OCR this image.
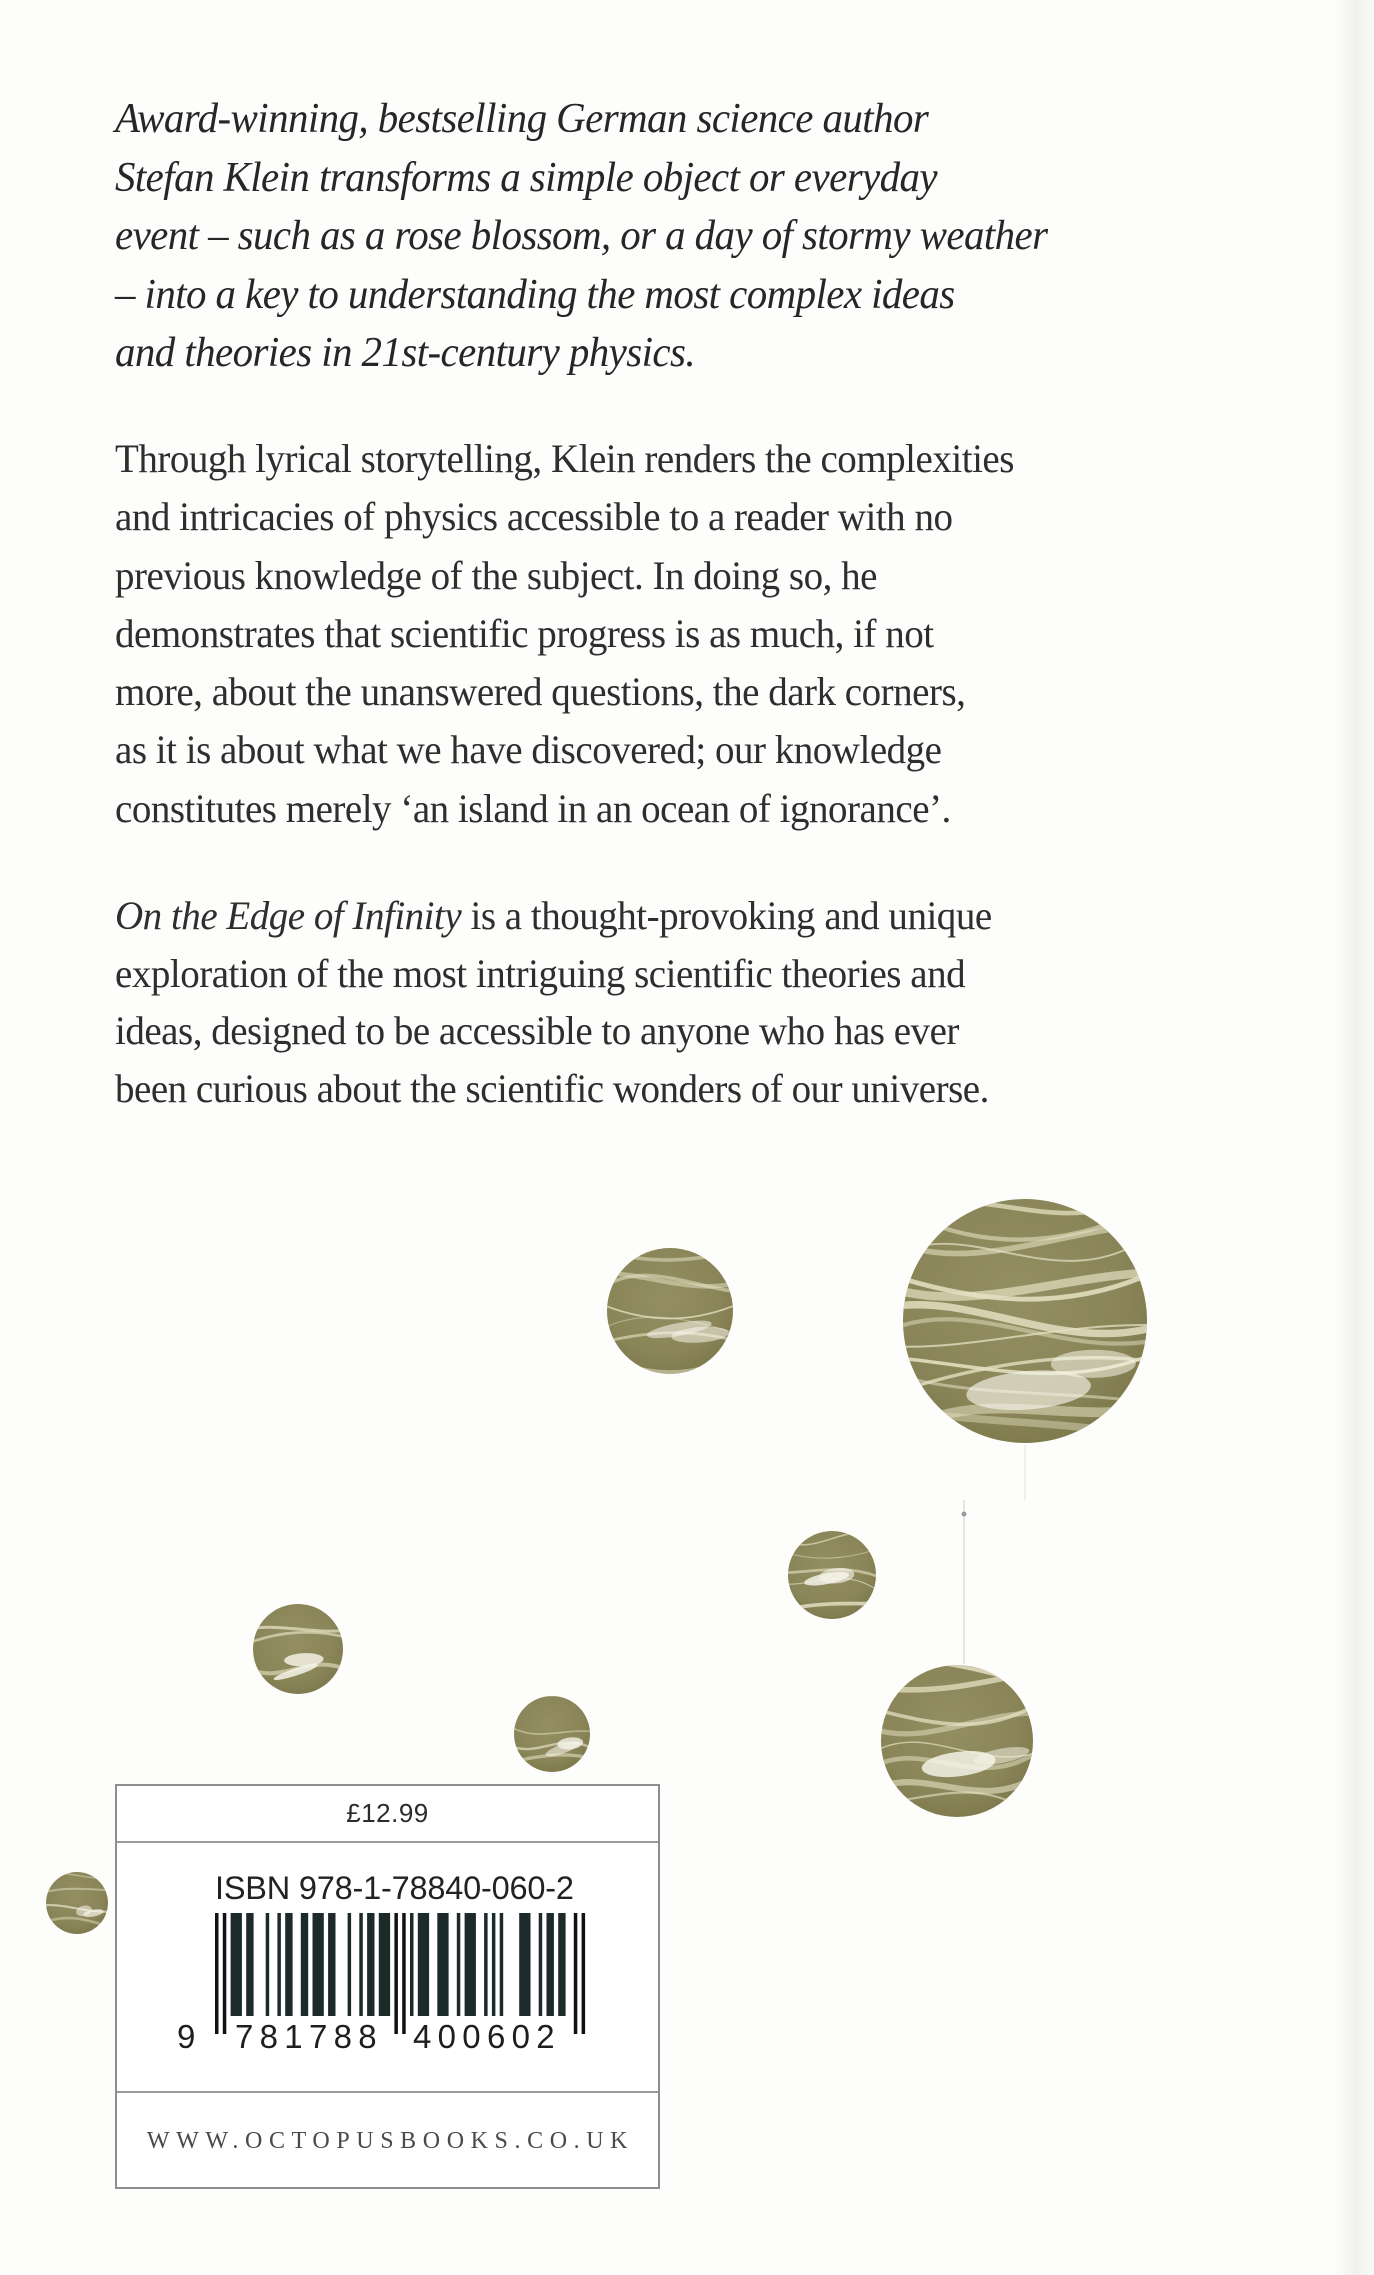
Award-winning, bestselling German science author
Stefan Klein transforms a simple object or everyday
event – such as a rose blossom, or a day of stormy weather
– into a key to understanding the most complex ideas
and theories in 21st-century physics.

Through lyrical storytelling, Klein renders the complexities
and intricacies of physics accessible to a reader with no
previous knowledge of the subject. In doing so, he
demonstrates that scientific progress is as much, if not
more, about the unanswered questions, the dark corners,
as it is about what we have discovered; our knowledge
constitutes merely ‘an island in an ocean of ignorance’.

On the Edge of Infinity is a thought-provoking and unique
exploration of the most intriguing scientific theories and
ideas, designed to be accessible to anyone who has ever
been curious about the scientific wonders of our universe.

£12.99
ISBN 978-1-78840-060-2
9 781788 400602
WWW.OCTOPUSBOOKS.CO.UK
